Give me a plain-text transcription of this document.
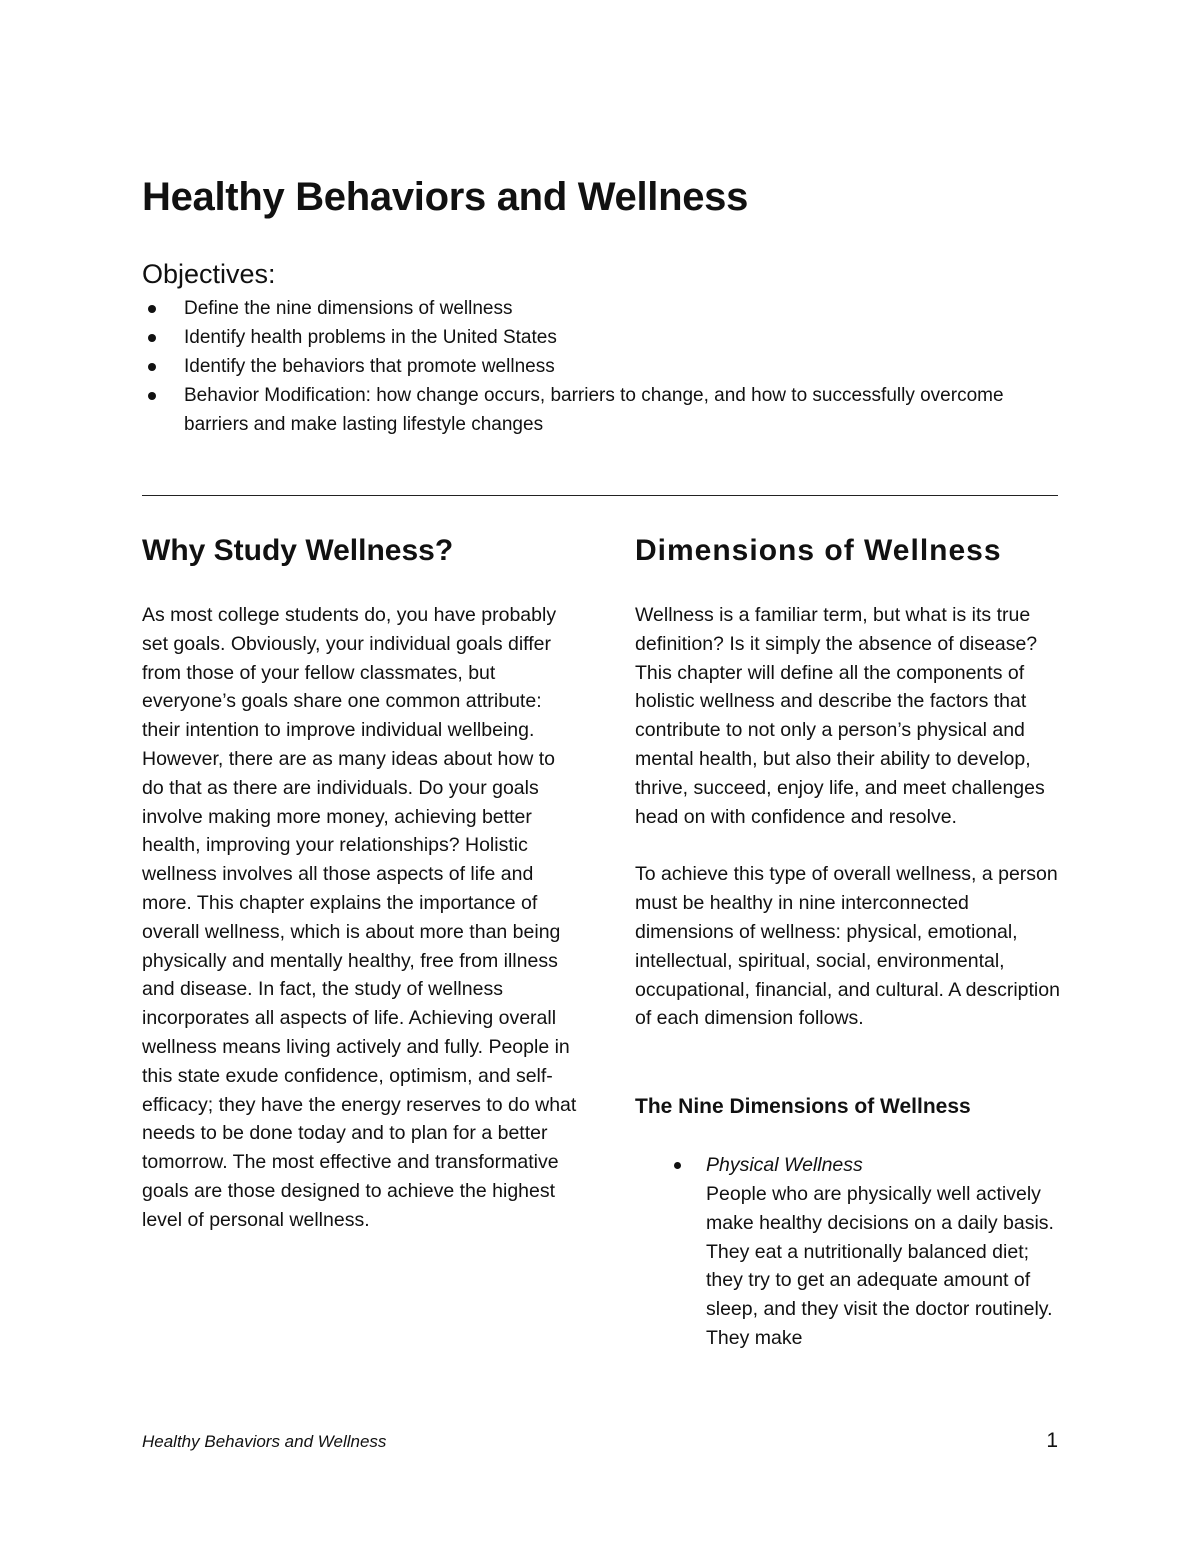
Healthy Behaviors and Wellness
Objectives:
Define the nine dimensions of wellness
Identify health problems in the United States
Identify the behaviors that promote wellness
Behavior Modification: how change occurs, barriers to change, and how to successfully overcome barriers and make lasting lifestyle changes
Why Study Wellness?

As most college students do, you have probably set goals. Obviously, your individual goals differ from those of your fellow classmates, but everyone’s goals share one common attribute: their intention to improve individual wellbeing. However, there are as many ideas about how to do that as there are individuals. Do your goals involve making more money, achieving better health, improving your relationships? Holistic wellness involves all those aspects of life and more. This chapter explains the importance of overall wellness, which is about more than being physically and mentally healthy, free from illness and disease. In fact, the study of wellness incorporates all aspects of life. Achieving overall wellness means living actively and fully. People in this state exude confidence, optimism, and self-efficacy; they have the energy reserves to do what needs to be done today and to plan for a better tomorrow. The most effective and transformative goals are those designed to achieve the highest level of personal wellness.

Dimensions of Wellness

Wellness is a familiar term, but what is its true definition? Is it simply the absence of disease? This chapter will define all the components of holistic wellness and describe the factors that contribute to not only a person’s physical and mental health, but also their ability to develop, thrive, succeed, enjoy life, and meet challenges head on with confidence and resolve.

To achieve this type of overall wellness, a person must be healthy in nine interconnected dimensions of wellness: physical, emotional, intellectual, spiritual, social, environmental, occupational, financial, and cultural. A description of each dimension follows.

The Nine Dimensions of Wellness
Physical Wellness
People who are physically well actively make healthy decisions on a daily basis. They eat a nutritionally balanced diet; they try to get an adequate amount of sleep, and they visit the doctor routinely. They make
Healthy Behaviors and Wellness	1
